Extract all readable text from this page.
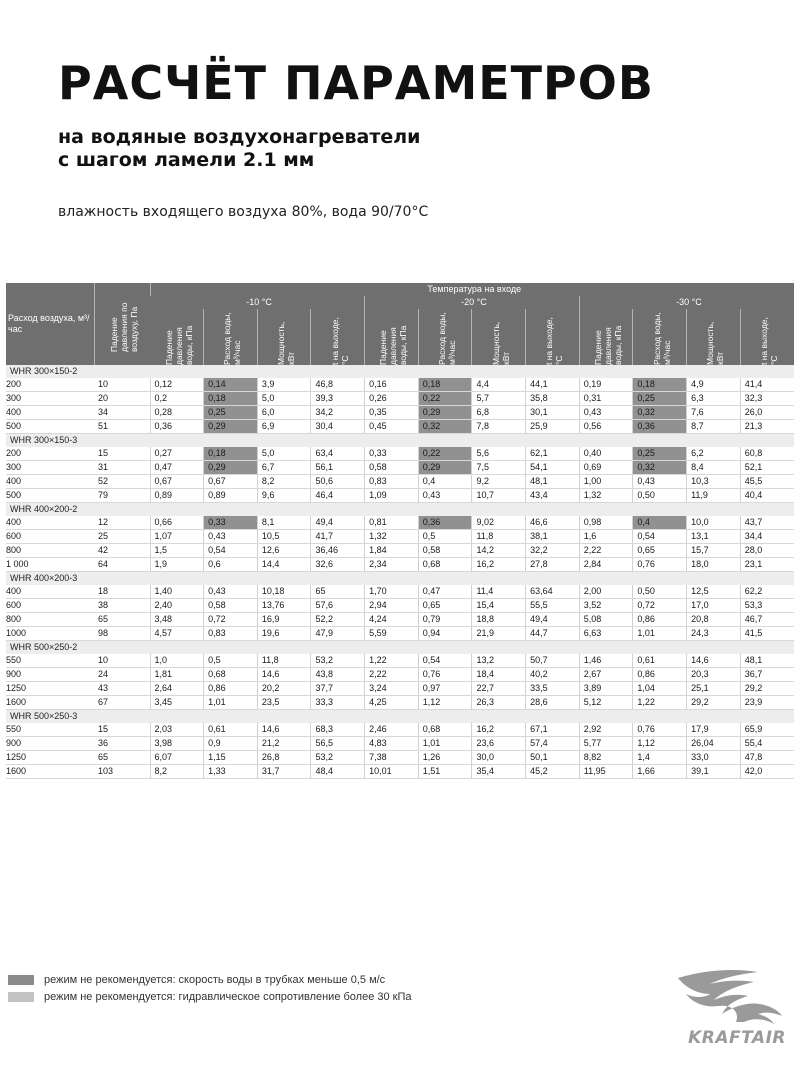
РАСЧЁТ ПАРАМЕТРОВ
на водяные воздухонагреватели
с шагом ламели 2.1 мм
влажность входящего воздуха 80%, вода 90/70°C
Расход воздуха, м³/час	Падение давления по воздуху, Па	Температура на входе											
		-10 °C				-20 °C				-30 °C			

		Падение давления воды, кПа	Расход воды, м³/час	Мощность, кВт	t на выходе, °C	Падение давления воды, кПа	Расход воды, м³/час	Мощность, кВт	t на выходе, °C	Падение давления воды, кПа	Расход воды, м³/час	Мощность, кВт	t на выходе, °C

WHR 300×150-2													
200	10	0,12	0,14	3,9	46,8	0,16	0,18	4,4	44,1	0,19	0,18	4,9	41,4
300	20	0,2	0,18	5,0	39,3	0,26	0,22	5,7	35,8	0,31	0,25	6,3	32,3
400	34	0,28	0,25	6,0	34,2	0,35	0,29	6,8	30,1	0,43	0,32	7,6	26,0
500	51	0,36	0,29	6,9	30,4	0,45	0,32	7,8	25,9	0,56	0,36	8,7	21,3
WHR 300×150-3													
200	15	0,27	0,18	5,0	63,4	0,33	0,22	5,6	62,1	0,40	0,25	6,2	60,8
300	31	0,47	0,29	6,7	56,1	0,58	0,29	7,5	54,1	0,69	0,32	8,4	52,1
400	52	0,67	0,67	8,2	50,6	0,83	0,4	9,2	48,1	1,00	0,43	10,3	45,5
500	79	0,89	0,89	9,6	46,4	1,09	0,43	10,7	43,4	1,32	0,50	11,9	40,4
WHR 400×200-2													
400	12	0,66	0,33	8,1	49,4	0,81	0,36	9,02	46,6	0,98	0,4	10,0	43,7
600	25	1,07	0,43	10,5	41,7	1,32	0,5	11,8	38,1	1,6	0,54	13,1	34,4
800	42	1,5	0,54	12,6	36,46	1,84	0,58	14,2	32,2	2,22	0,65	15,7	28,0
1 000	64	1,9	0,6	14,4	32,6	2,34	0,68	16,2	27,8	2,84	0,76	18,0	23,1
WHR 400×200-3													
400	18	1,40	0,43	10,18	65	1,70	0,47	11,4	63,64	2,00	0,50	12,5	62,2
600	38	2,40	0,58	13,76	57,6	2,94	0,65	15,4	55,5	3,52	0,72	17,0	53,3
800	65	3,48	0,72	16,9	52,2	4,24	0,79	18,8	49,4	5,08	0,86	20,8	46,7
1000	98	4,57	0,83	19,6	47,9	5,59	0,94	21,9	44,7	6,63	1,01	24,3	41,5
WHR 500×250-2													
550	10	1,0	0,5	11,8	53,2	1,22	0,54	13,2	50,7	1,46	0,61	14,6	48,1
900	24	1,81	0,68	14,6	43,8	2,22	0,76	18,4	40,2	2,67	0,86	20,3	36,7
1250	43	2,64	0,86	20,2	37,7	3,24	0,97	22,7	33,5	3,89	1,04	25,1	29,2
1600	67	3,45	1,01	23,5	33,3	4,25	1,12	26,3	28,6	5,12	1,22	29,2	23,9
WHR 500×250-3													
550	15	2,03	0,61	14,6	68,3	2,46	0,68	16,2	67,1	2,92	0,76	17,9	65,9
900	36	3,98	0,9	21,2	56,5	4,83	1,01	23,6	57,4	5,77	1,12	26,04	55,4
1250	65	6,07	1,15	26,8	53,2	7,38	1,26	30,0	50,1	8,82	1,4	33,0	47,8
1600	103	8,2	1,33	31,7	48,4	10,01	1,51	35,4	45,2	11,95	1,66	39,1	42,0
режим не рекомендуется: скорость воды в трубках меньше 0,5 м/с
режим не рекомендуется: гидравлическое сопротивление более 30 кПа
KRAFTAIR
